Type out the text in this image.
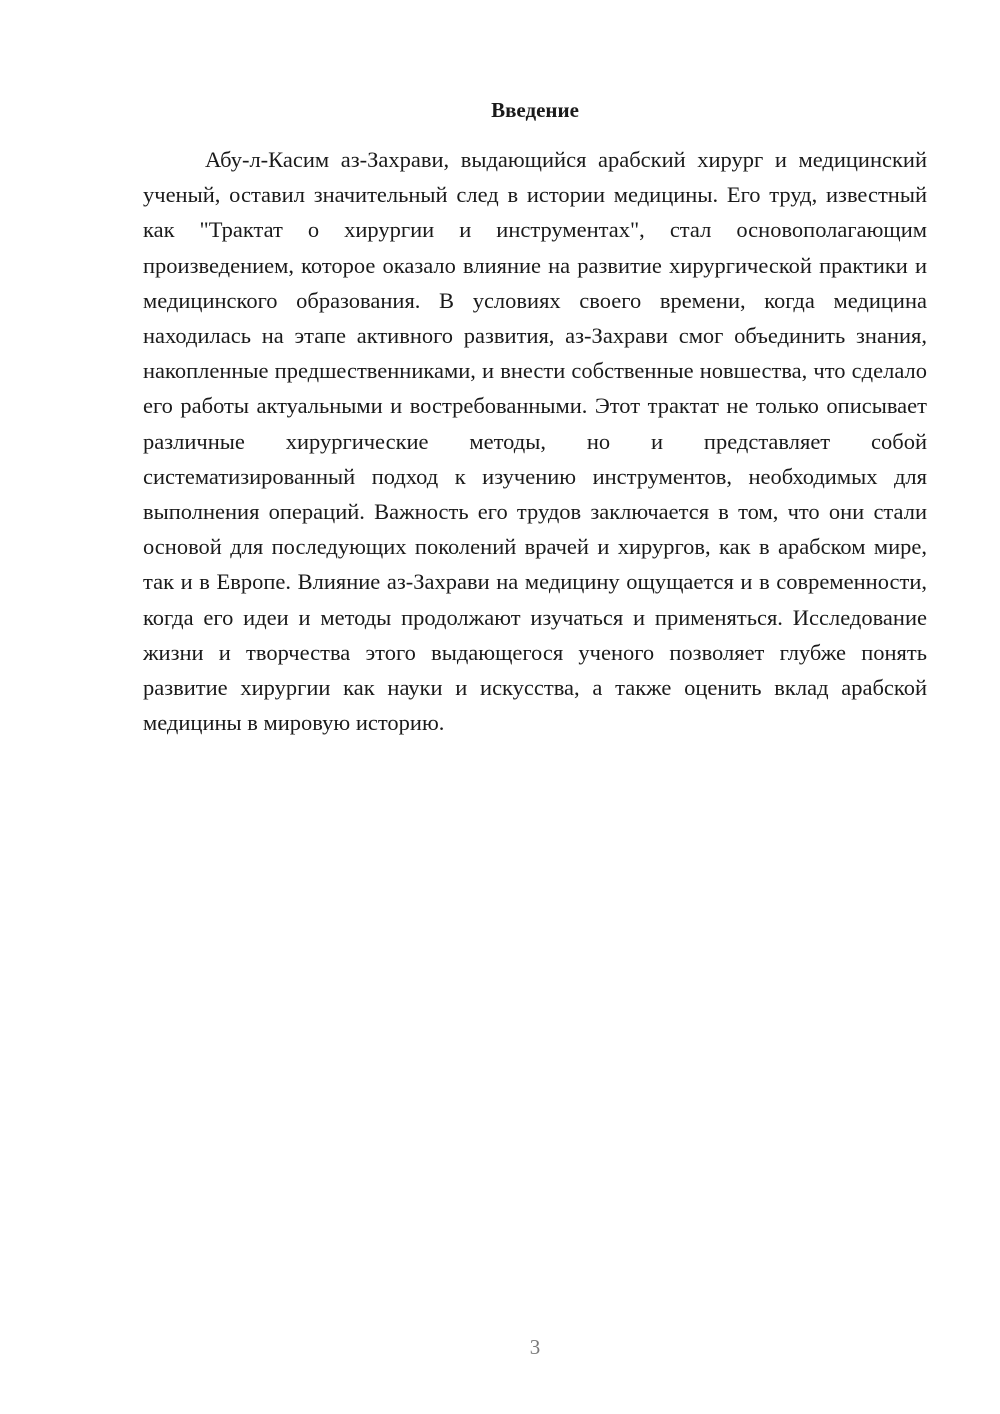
Введение

Абу-л-Касим аз-Захрави, выдающийся арабский хирург и медицинский ученый, оставил значительный след в истории медицины. Его труд, известный как "Трактат о хирургии и инструментах", стал основополагающим произведением, которое оказало влияние на развитие хирургической практики и медицинского образования. В условиях своего времени, когда медицина находилась на этапе активного развития, аз-Захрави смог объединить знания, накопленные предшественниками, и внести собственные новшества, что сделало его работы актуальными и востребованными. Этот трактат не только описывает различные хирургические методы, но и представляет собой систематизированный подход к изучению инструментов, необходимых для выполнения операций. Важность его трудов заключается в том, что они стали основой для последующих поколений врачей и хирургов, как в арабском мире, так и в Европе. Влияние аз-Захрави на медицину ощущается и в современности, когда его идеи и методы продолжают изучаться и применяться. Исследование жизни и творчества этого выдающегося ученого позволяет глубже понять развитие хирургии как науки и искусства, а также оценить вклад арабской медицины в мировую историю.

3
